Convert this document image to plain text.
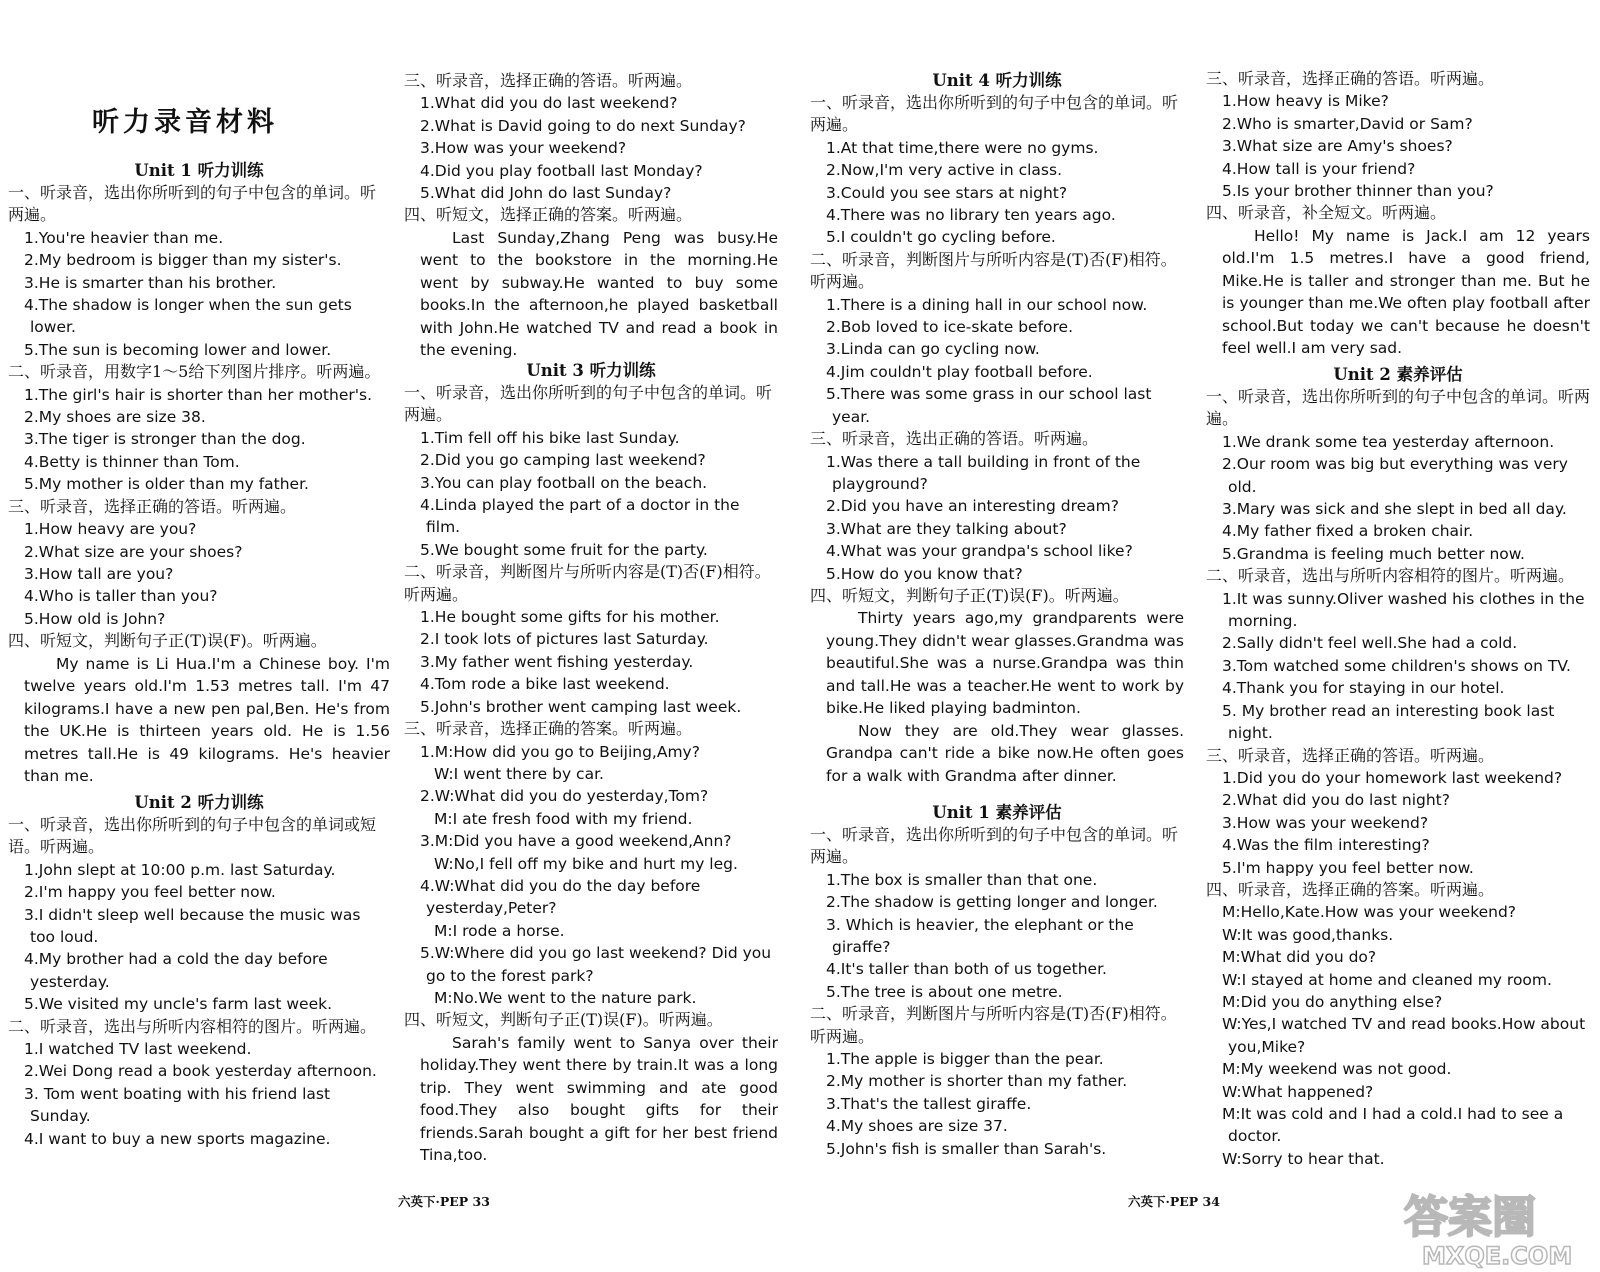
听力录音材料
Unit 1 听力训练
一、听录音，选出你所听到的句子中包含的单词。听两遍。
1.You're heavier than me.
2.My bedroom is bigger than my sister's.
3.He is smarter than his brother.
4.The shadow is longer when the sun gets lower.
5.The sun is becoming lower and lower.
二、听录音，用数字1～5给下列图片排序。听两遍。
1.The girl's hair is shorter than her mother's.
2.My shoes are size 38.
3.The tiger is stronger than the dog.
4.Betty is thinner than Tom.
5.My mother is older than my father.
三、听录音，选择正确的答语。听两遍。
1.How heavy are you?
2.What size are your shoes?
3.How tall are you?
4.Who is taller than you?
5.How old is John?
四、听短文，判断句子正(T)误(F)。听两遍。

My name is Li Hua.I'm a Chinese boy. I'm twelve years old.I'm 1.53 metres tall. I'm 47 kilograms.I have a new pen pal,Ben. He's from the UK.He is thirteen years old. He is 1.56 metres tall.He is 49 kilograms. He's heavier than me.

Unit 2 听力训练
一、听录音，选出你所听到的句子中包含的单词或短语。听两遍。
1.John slept at 10:00 p.m. last Saturday.
2.I'm happy you feel better now.
3.I didn't sleep well because the music was too loud.
4.My brother had a cold the day before yesterday.
5.We visited my uncle's farm last week.
二、听录音，选出与所听内容相符的图片。听两遍。
1.I watched TV last weekend.
2.Wei Dong read a book yesterday afternoon.
3. Tom went boating with his friend last Sunday.
4.I want to buy a new sports magazine.
三、听录音，选择正确的答语。听两遍。
1.What did you do last weekend?
2.What is David going to do next Sunday?
3.How was your weekend?
4.Did you play football last Monday?
5.What did John do last Sunday?
四、听短文，选择正确的答案。听两遍。

Last Sunday,Zhang Peng was busy.He went to the bookstore in the morning.He went by subway.He wanted to buy some books.In the afternoon,he played basketball with John.He watched TV and read a book in the evening.

Unit 3 听力训练
一、听录音，选出你所听到的句子中包含的单词。听两遍。
1.Tim fell off his bike last Sunday.
2.Did you go camping last weekend?
3.You can play football on the beach.
4.Linda played the part of a doctor in the film.
5.We bought some fruit for the party.
二、听录音，判断图片与所听内容是(T)否(F)相符。听两遍。
1.He bought some gifts for his mother.
2.I took lots of pictures last Saturday.
3.My father went fishing yesterday.
4.Tom rode a bike last weekend.
5.John's brother went camping last week.
三、听录音，选择正确的答案。听两遍。
1.M:How did you go to Beijing,Amy?
W:I went there by car.
2.W:What did you do yesterday,Tom?
M:I ate fresh food with my friend.
3.M:Did you have a good weekend,Ann?
W:No,I fell off my bike and hurt my leg.
4.W:What did you do the day before yesterday,Peter?
M:I rode a horse.
5.W:Where did you go last weekend? Did you go to the forest park?
M:No.We went to the nature park.
四、听短文，判断句子正(T)误(F)。听两遍。

Sarah's family went to Sanya over their holiday.They went there by train.It was a long trip. They went swimming and ate good food.They also bought gifts for their friends.Sarah bought a gift for her best friend Tina,too.

Unit 4 听力训练
一、听录音，选出你所听到的句子中包含的单词。听两遍。
1.At that time,there were no gyms.
2.Now,I'm very active in class.
3.Could you see stars at night?
4.There was no library ten years ago.
5.I couldn't go cycling before.
二、听录音，判断图片与所听内容是(T)否(F)相符。听两遍。
1.There is a dining hall in our school now.
2.Bob loved to ice-skate before.
3.Linda can go cycling now.
4.Jim couldn't play football before.
5.There was some grass in our school last year.
三、听录音，选出正确的答语。听两遍。
1.Was there a tall building in front of the playground?
2.Did you have an interesting dream?
3.What are they talking about?
4.What was your grandpa's school like?
5.How do you know that?
四、听短文，判断句子正(T)误(F)。听两遍。

Thirty years ago,my grandparents were young.They didn't wear glasses.Grandma was beautiful.She was a nurse.Grandpa was thin and tall.He was a teacher.He went to work by bike.He liked playing badminton.

Now they are old.They wear glasses. Grandpa can't ride a bike now.He often goes for a walk with Grandma after dinner.

Unit 1 素养评估
一、听录音，选出你所听到的句子中包含的单词。听两遍。
1.The box is smaller than that one.
2.The shadow is getting longer and longer.
3. Which is heavier, the elephant or the giraffe?
4.It's taller than both of us together.
5.The tree is about one metre.
二、听录音，判断图片与所听内容是(T)否(F)相符。听两遍。
1.The apple is bigger than the pear.
2.My mother is shorter than my father.
3.That's the tallest giraffe.
4.My shoes are size 37.
5.John's fish is smaller than Sarah's.
三、听录音，选择正确的答语。听两遍。
1.How heavy is Mike?
2.Who is smarter,David or Sam?
3.What size are Amy's shoes?
4.How tall is your friend?
5.Is your brother thinner than you?
四、听录音，补全短文。听两遍。

Hello! My name is Jack.I am 12 years old.I'm 1.5 metres.I have a good friend, Mike.He is taller and stronger than me. But he is younger than me.We often play football after school.But today we can't because he doesn't feel well.I am very sad.

Unit 2 素养评估
一、听录音，选出你所听到的句子中包含的单词。听两遍。
1.We drank some tea yesterday afternoon.
2.Our room was big but everything was very old.
3.Mary was sick and she slept in bed all day.
4.My father fixed a broken chair.
5.Grandma is feeling much better now.
二、听录音，选出与所听内容相符的图片。听两遍。
1.It was sunny.Oliver washed his clothes in the morning.
2.Sally didn't feel well.She had a cold.
3.Tom watched some children's shows on TV.
4.Thank you for staying in our hotel.
5. My brother read an interesting book last night.
三、听录音，选择正确的答语。听两遍。
1.Did you do your homework last weekend?
2.What did you do last night?
3.How was your weekend?
4.Was the film interesting?
5.I'm happy you feel better now.
四、听录音，选择正确的答案。听两遍。
M:Hello,Kate.How was your weekend?
W:It was good,thanks.
M:What did you do?
W:I stayed at home and cleaned my room.
M:Did you do anything else?
W:Yes,I watched TV and read books.How about you,Mike?
M:My weekend was not good.
W:What happened?
M:It was cold and I had a cold.I had to see a doctor.
W:Sorry to hear that.
六英下·PEP 33	六英下·PEP 34	答案圈
MXQE.COM
